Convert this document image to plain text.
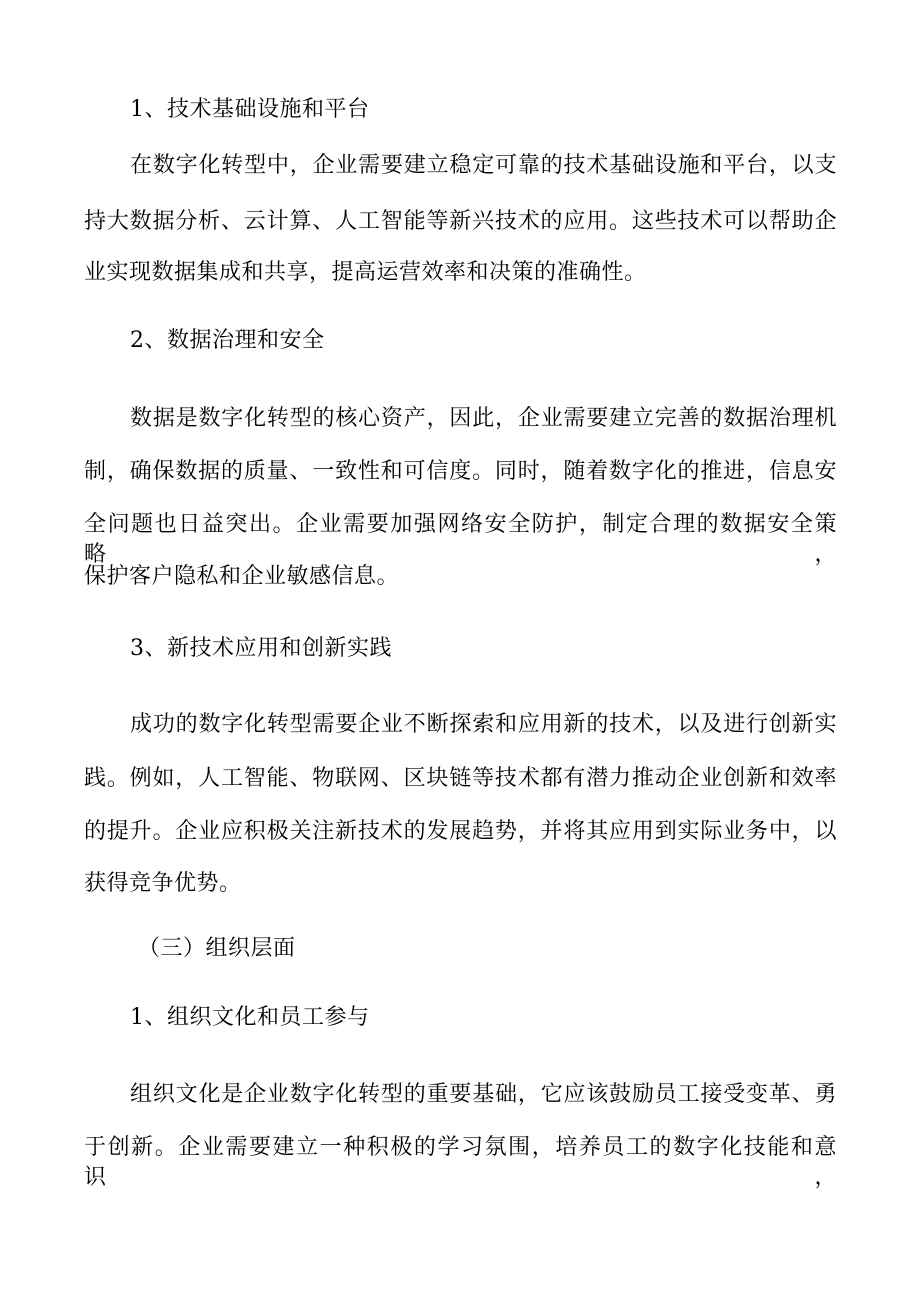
1、技术基础设施和平台
在数字化转型中，企业需要建立稳定可靠的技术基础设施和平台，以支
持大数据分析、云计算、人工智能等新兴技术的应用。这些技术可以帮助企
业实现数据集成和共享，提高运营效率和决策的准确性。
2、数据治理和安全
数据是数字化转型的核心资产，因此，企业需要建立完善的数据治理机
制，确保数据的质量、一致性和可信度。同时，随着数字化的推进，信息安
全问题也日益突出。企业需要加强网络安全防护，制定合理的数据安全策略，
保护客户隐私和企业敏感信息。
3、新技术应用和创新实践
成功的数字化转型需要企业不断探索和应用新的技术，以及进行创新实
践。例如，人工智能、物联网、区块链等技术都有潜力推动企业创新和效率
的提升。企业应积极关注新技术的发展趋势，并将其应用到实际业务中，以
获得竞争优势。
（三）组织层面
1、组织文化和员工参与
组织文化是企业数字化转型的重要基础，它应该鼓励员工接受变革、勇
于创新。企业需要建立一种积极的学习氛围，培养员工的数字化技能和意识，
